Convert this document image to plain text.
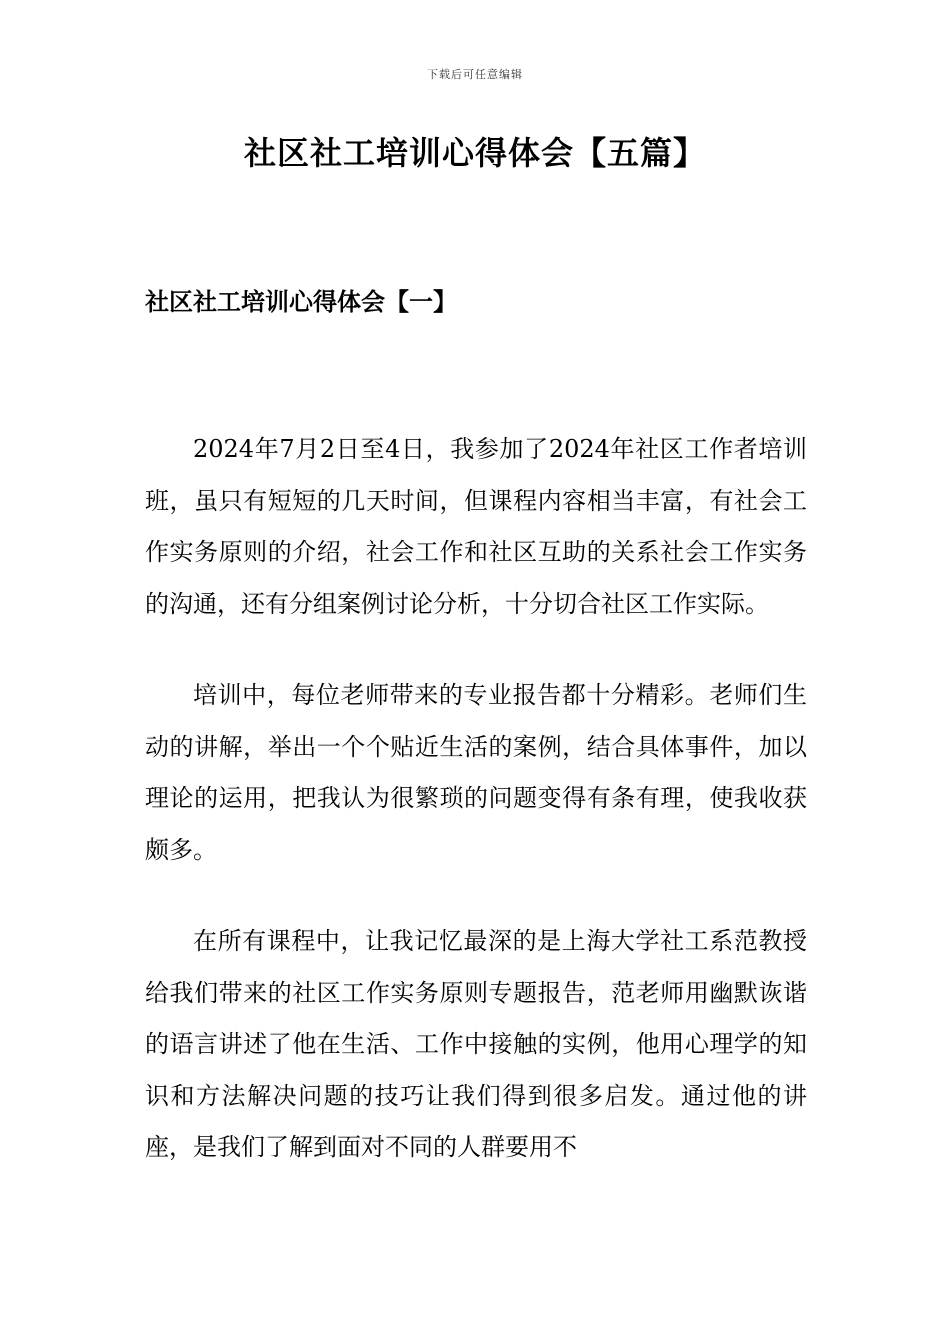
下载后可任意编辑
社区社工培训心得体会【五篇】
社区社工培训心得体会【一】

2024年7月2日至4日，我参加了2024年社区工作者培训班，虽只有短短的几天时间，但课程内容相当丰富，有社会工作实务原则的介绍，社会工作和社区互助的关系社会工作实务的沟通，还有分组案例讨论分析，十分切合社区工作实际。

培训中，每位老师带来的专业报告都十分精彩。老师们生动的讲解，举出一个个贴近生活的案例，结合具体事件，加以理论的运用，把我认为很繁琐的问题变得有条有理，使我收获颇多。

在所有课程中，让我记忆最深的是上海大学社工系范教授给我们带来的社区工作实务原则专题报告，范老师用幽默诙谐的语言讲述了他在生活、工作中接触的实例，他用心理学的知识和方法解决问题的技巧让我们得到很多启发。通过他的讲座，是我们了解到面对不同的人群要用不
